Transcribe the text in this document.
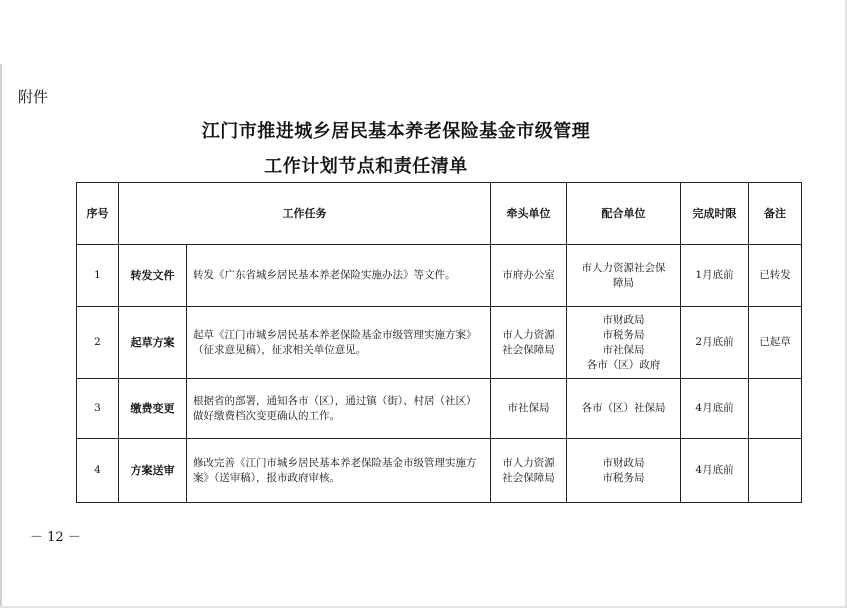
附件
江门市推进城乡居民基本养老保险基金市级管理
工作计划节点和责任清单
序号	工作任务		牵头单位	配合单位	完成时限	备注
1	转发文件	转发《广东省城乡居民基本养老保险实施办法》等文件。	市府办公室	市人力资源社会保
障局	1月底前	已转发
2	起草方案	起草《江门市城乡居民基本养老保险基金市级管理实施方案》（征求意见稿），征求相关单位意见。	市人力资源
社会保障局	市财政局
市税务局
市社保局
各市（区）政府	2月底前	已起草
3	缴费变更	根据省的部署，通知各市（区），通过镇（街）、村居（社区）做好缴费档次变更确认的工作。	市社保局	各市（区）社保局	4月底前	
4	方案送审	修改完善《江门市城乡居民基本养老保险基金市级管理实施方案》（送审稿），报市政府审核。	市人力资源
社会保障局	市财政局
市税务局	4月底前	
－ 12 －
